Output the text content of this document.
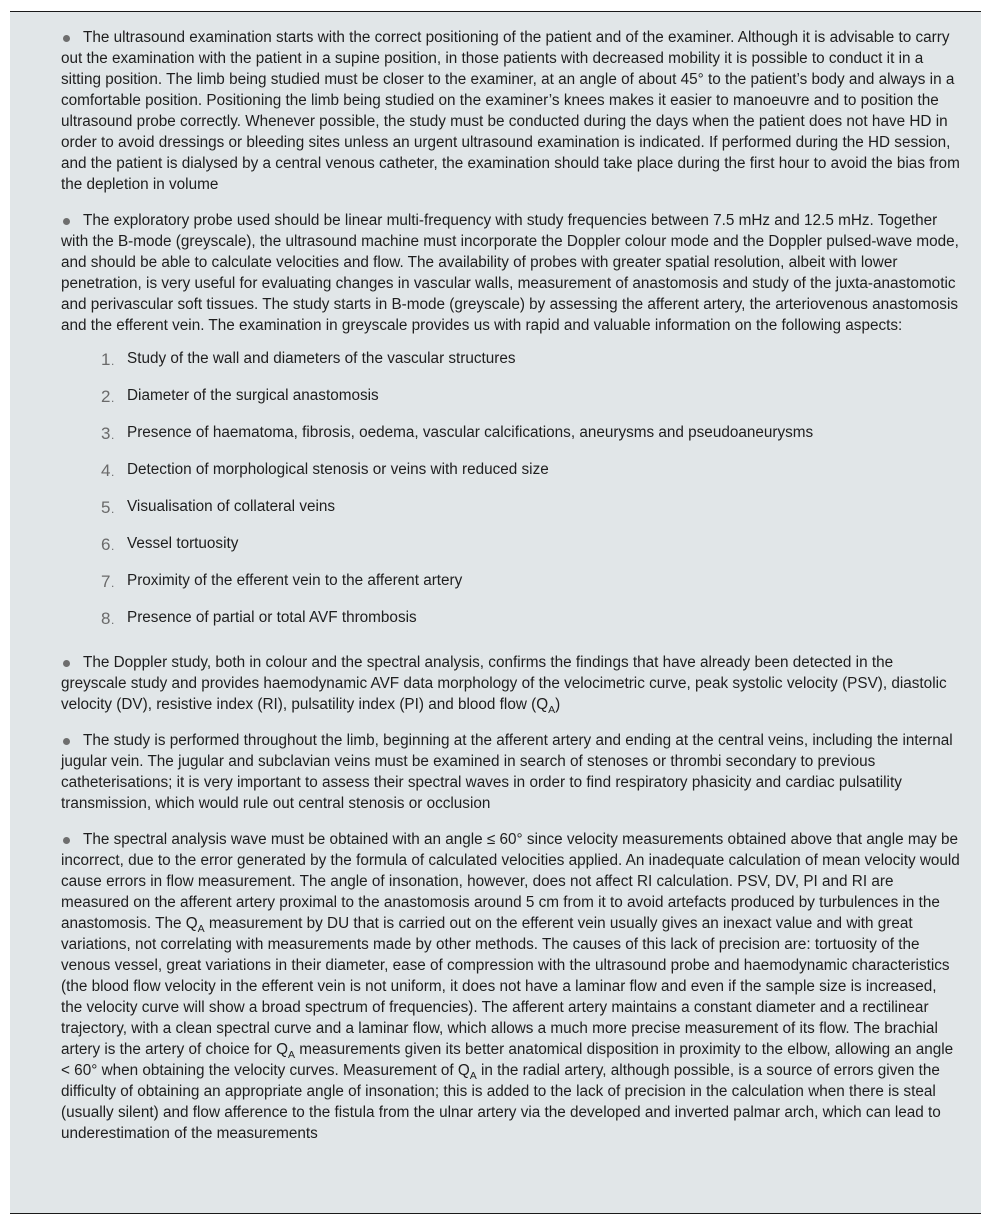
The ultrasound examination starts with the correct positioning of the patient and of the examiner. Although it is advisable to carry out the examination with the patient in a supine position, in those patients with decreased mobility it is possible to conduct it in a sitting position. The limb being studied must be closer to the examiner, at an angle of about 45° to the patient’s body and always in a comfortable position. Positioning the limb being studied on the examiner’s knees makes it easier to manoeuvre and to position the ultrasound probe correctly. Whenever possible, the study must be conducted during the days when the patient does not have HD in order to avoid dressings or bleeding sites unless an urgent ultrasound examination is indicated. If performed during the HD session, and the patient is dialysed by a central venous catheter, the examination should take place during the first hour to avoid the bias from the depletion in volume

The exploratory probe used should be linear multi-frequency with study frequencies between 7.5 mHz and 12.5 mHz. Together with the B-mode (greyscale), the ultrasound machine must incorporate the Doppler colour mode and the Doppler pulsed-wave mode, and should be able to calculate velocities and flow. The availability of probes with greater spatial resolution, albeit with lower penetration, is very useful for evaluating changes in vascular walls, measurement of anastomosis and study of the juxta-anastomotic and perivascular soft tissues. The study starts in B-mode (greyscale) by assessing the afferent artery, the arteriovenous anastomosis and the efferent vein. The examination in greyscale provides us with rapid and valuable information on the following aspects:

1. Study of the wall and diameters of the vascular structures
2. Diameter of the surgical anastomosis
3. Presence of haematoma, fibrosis, oedema, vascular calcifications, aneurysms and pseudoaneurysms
4. Detection of morphological stenosis or veins with reduced size
5. Visualisation of collateral veins
6. Vessel tortuosity
7. Proximity of the efferent vein to the afferent artery
8. Presence of partial or total AVF thrombosis

The Doppler study, both in colour and the spectral analysis, confirms the findings that have already been detected in the greyscale study and provides haemodynamic AVF data morphology of the velocimetric curve, peak systolic velocity (PSV), diastolic velocity (DV), resistive index (RI), pulsatility index (PI) and blood flow $(Q_A)$

The study is performed throughout the limb, beginning at the afferent artery and ending at the central veins, including the internal jugular vein. The jugular and subclavian veins must be examined in search of stenoses or thrombi secondary to previous catheterisations; it is very important to assess their spectral waves in order to find respiratory phasicity and cardiac pulsatility transmission, which would rule out central stenosis or occlusion

The spectral analysis wave must be obtained with an angle ≤ 60° since velocity measurements obtained above that angle may be incorrect, due to the error generated by the formula of calculated velocities applied. An inadequate calculation of mean velocity would cause errors in flow measurement. The angle of insonation, however, does not affect RI calculation. PSV, DV, PI and RI are measured on the afferent artery proximal to the anastomosis around 5 cm from it to avoid artefacts produced by turbulences in the anastomosis. The $Q_A$ measurement by DU that is carried out on the efferent vein usually gives an inexact value and with great variations, not correlating with measurements made by other methods. The causes of this lack of precision are: tortuosity of the venous vessel, great variations in their diameter, ease of compression with the ultrasound probe and haemodynamic characteristics (the blood flow velocity in the efferent vein is not uniform, it does not have a laminar flow and even if the sample size is increased, the velocity curve will show a broad spectrum of frequencies). The afferent artery maintains a constant diameter and a rectilinear trajectory, with a clean spectral curve and a laminar flow, which allows a much more precise measurement of its flow. The brachial artery is the artery of choice for $Q_A$ measurements given its better anatomical disposition in proximity to the elbow, allowing an angle < 60° when obtaining the velocity curves. Measurement of $Q_A$ in the radial artery, although possible, is a source of errors given the difficulty of obtaining an appropriate angle of insonation; this is added to the lack of precision in the calculation when there is steal (usually silent) and flow afference to the fistula from the ulnar artery via the developed and inverted palmar arch, which can lead to underestimation of the measurements
